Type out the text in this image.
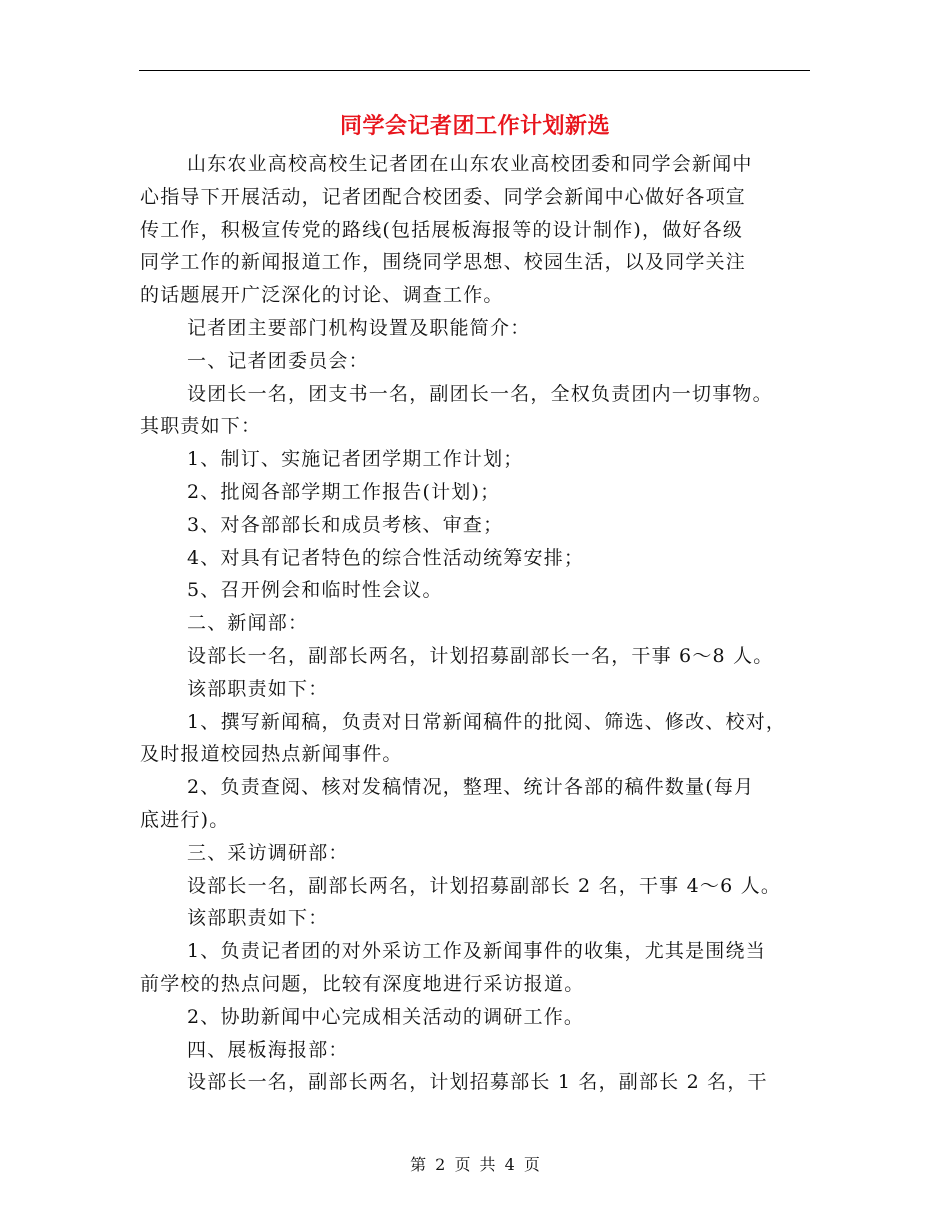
同学会记者团工作计划新选
山东农业高校高校生记者团在山东农业高校团委和同学会新闻中
心指导下开展活动，记者团配合校团委、同学会新闻中心做好各项宣
传工作，积极宣传党的路线(包括展板海报等的设计制作)，做好各级
同学工作的新闻报道工作，围绕同学思想、校园生活，以及同学关注
的话题展开广泛深化的讨论、调查工作。
记者团主要部门机构设置及职能简介：
一、记者团委员会：
设团长一名，团支书一名，副团长一名，全权负责团内一切事物。
其职责如下：
1、制订、实施记者团学期工作计划；
2、批阅各部学期工作报告(计划)；
3、对各部部长和成员考核、审查；
4、对具有记者特色的综合性活动统筹安排；
5、召开例会和临时性会议。
二、新闻部：
设部长一名，副部长两名，计划招募副部长一名，干事 6～8 人。
该部职责如下：
1、撰写新闻稿，负责对日常新闻稿件的批阅、筛选、修改、校对，
及时报道校园热点新闻事件。
2、负责查阅、核对发稿情况，整理、统计各部的稿件数量(每月
底进行)。
三、采访调研部：
设部长一名，副部长两名，计划招募副部长 2 名，干事 4～6 人。
该部职责如下：
1、负责记者团的对外采访工作及新闻事件的收集，尤其是围绕当
前学校的热点问题，比较有深度地进行采访报道。
2、协助新闻中心完成相关活动的调研工作。
四、展板海报部：
设部长一名，副部长两名，计划招募部长 1 名，副部长 2 名，干
第 2 页 共 4 页
